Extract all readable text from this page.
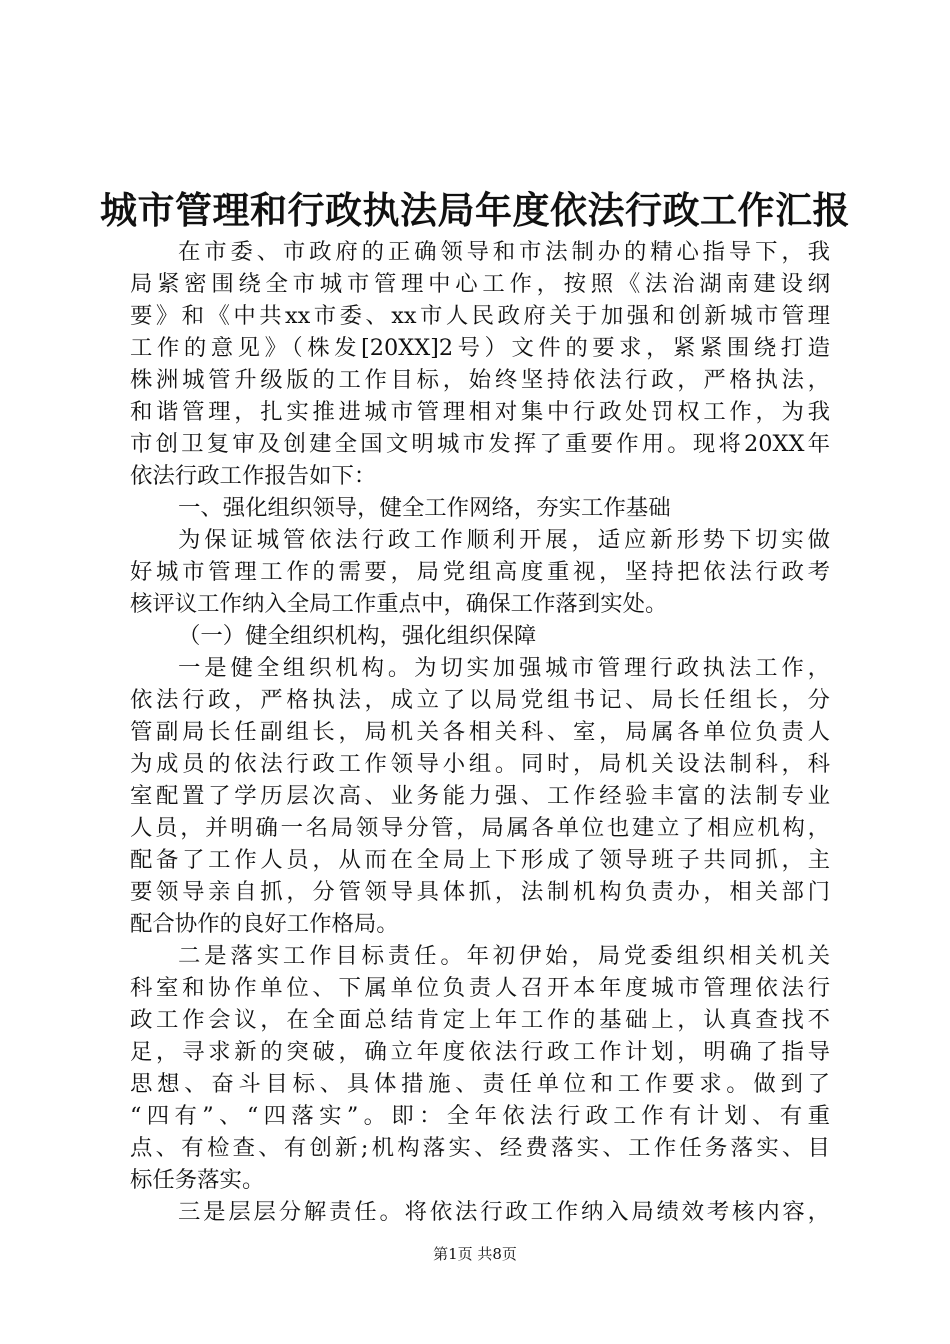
城市管理和行政执法局年度依法行政工作汇报
在市委、市政府的正确领导和市法制办的精心指导下，我
局紧密围绕全市城市管理中心工作，按照《法治湖南建设纲
要》和《中共xx市委、xx市人民政府关于加强和创新城市管理
工作的意见》（株发[20XX]2号）文件的要求，紧紧围绕打造
株洲城管升级版的工作目标，始终坚持依法行政，严格执法，
和谐管理，扎实推进城市管理相对集中行政处罚权工作，为我
市创卫复审及创建全国文明城市发挥了重要作用。现将20XX年
依法行政工作报告如下：
一、强化组织领导，健全工作网络，夯实工作基础
为保证城管依法行政工作顺利开展，适应新形势下切实做
好城市管理工作的需要，局党组高度重视，坚持把依法行政考
核评议工作纳入全局工作重点中，确保工作落到实处。
（一）健全组织机构，强化组织保障
一是健全组织机构。为切实加强城市管理行政执法工作，
依法行政，严格执法，成立了以局党组书记、局长任组长，分
管副局长任副组长，局机关各相关科、室，局属各单位负责人
为成员的依法行政工作领导小组。同时，局机关设法制科，科
室配置了学历层次高、业务能力强、工作经验丰富的法制专业
人员，并明确一名局领导分管，局属各单位也建立了相应机构，
配备了工作人员，从而在全局上下形成了领导班子共同抓，主
要领导亲自抓，分管领导具体抓，法制机构负责办，相关部门
配合协作的良好工作格局。
二是落实工作目标责任。年初伊始，局党委组织相关机关
科室和协作单位、下属单位负责人召开本年度城市管理依法行
政工作会议，在全面总结肯定上年工作的基础上，认真查找不
足，寻求新的突破，确立年度依法行政工作计划，明确了指导
思想、奋斗目标、具体措施、责任单位和工作要求。做到了
“四有”、“四落实”。即：全年依法行政工作有计划、有重
点、有检查、有创新;机构落实、经费落实、工作任务落实、目
标任务落实。
三是层层分解责任。将依法行政工作纳入局绩效考核内容，
第1页 共8页
